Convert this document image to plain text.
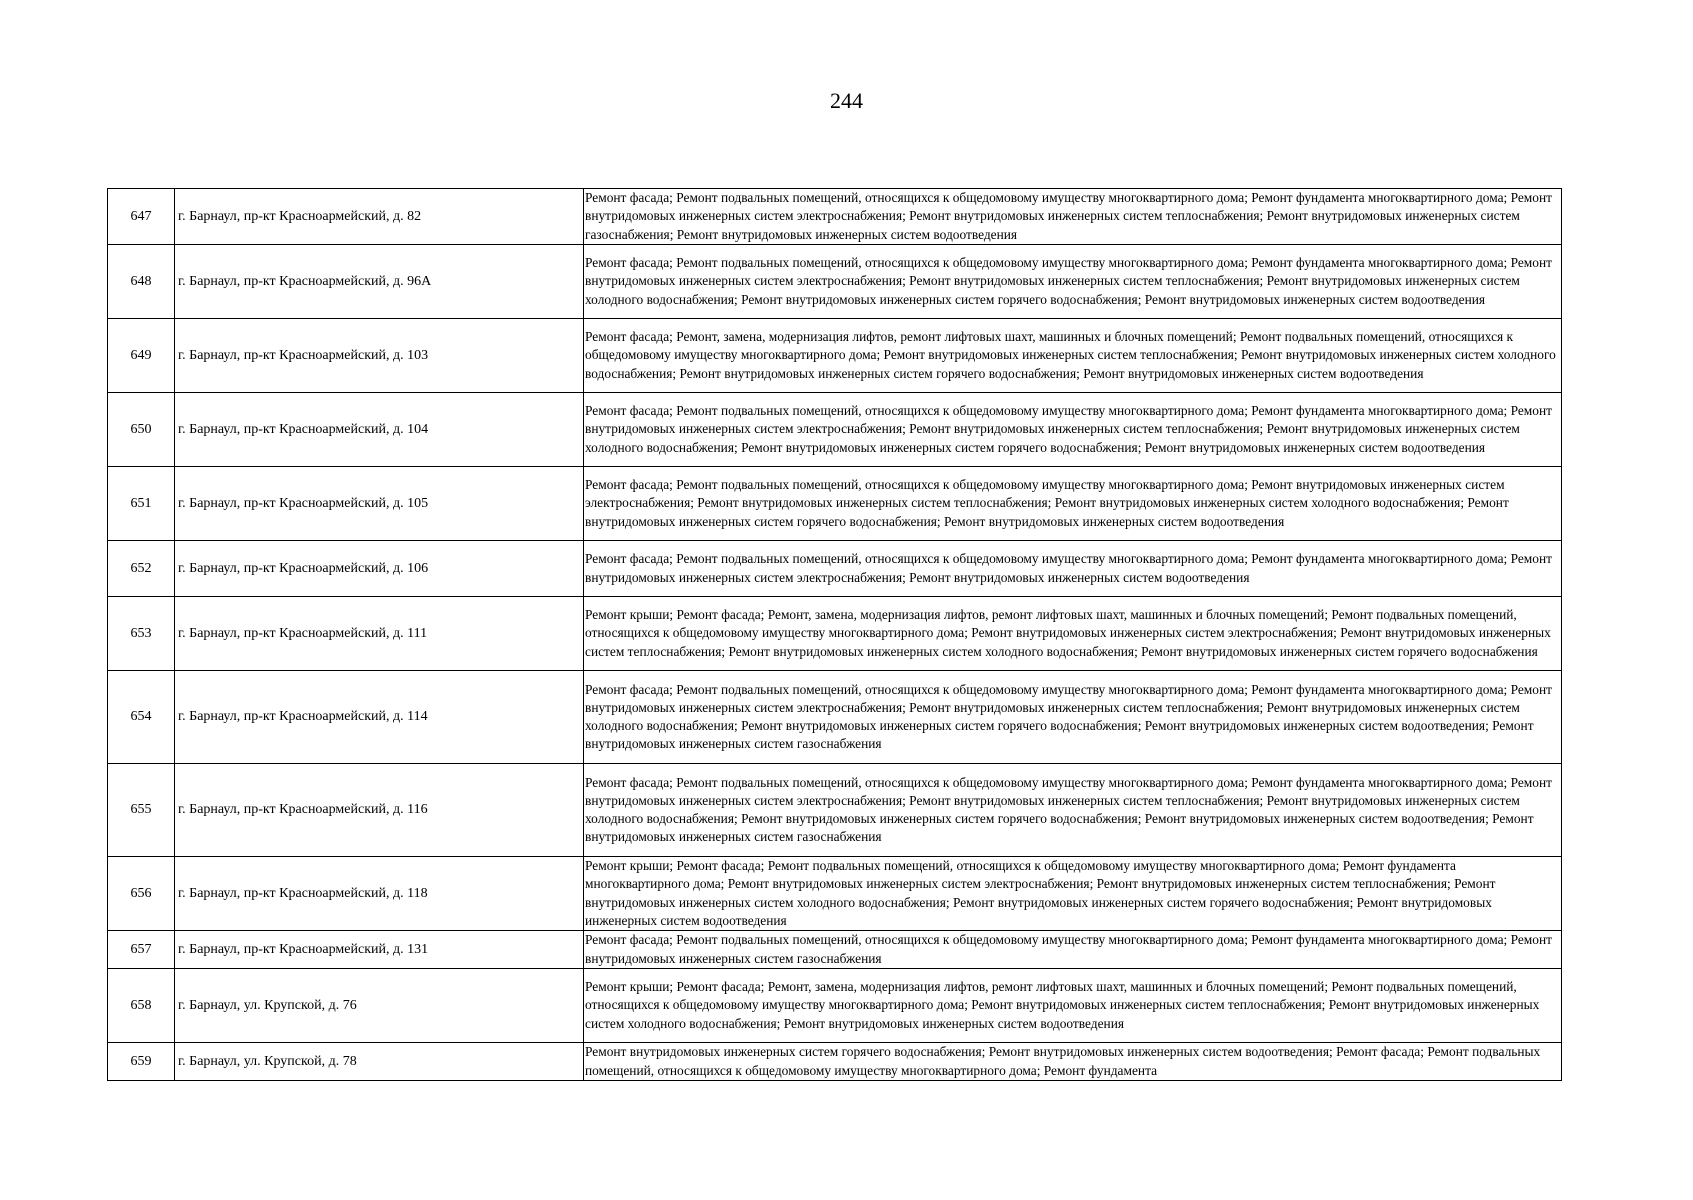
244
647	г. Барнаул, пр-кт Красноармейский, д. 82	Ремонт фасада; Ремонт подвальных помещений, относящихся к общедомовому имуществу многоквартирного дома; Ремонт фундамента многоквартирного дома; Ремонт внутридомовых инженерных систем электроснабжения; Ремонт внутридомовых инженерных систем теплоснабжения; Ремонт внутридомовых инженерных систем газоснабжения; Ремонт внутридомовых инженерных систем водоотведения
648	г. Барнаул, пр-кт Красноармейский, д. 96А	Ремонт фасада; Ремонт подвальных помещений, относящихся к общедомовому имуществу многоквартирного дома; Ремонт фундамента многоквартирного дома; Ремонт внутридомовых инженерных систем электроснабжения; Ремонт внутридомовых инженерных систем теплоснабжения; Ремонт внутридомовых инженерных систем холодного водоснабжения; Ремонт внутридомовых инженерных систем горячего водоснабжения; Ремонт внутридомовых инженерных систем водоотведения
649	г. Барнаул, пр-кт Красноармейский, д. 103	Ремонт фасада; Ремонт, замена, модернизация лифтов, ремонт лифтовых шахт, машинных и блочных помещений; Ремонт подвальных помещений, относящихся к общедомовому имуществу многоквартирного дома; Ремонт внутридомовых инженерных систем теплоснабжения; Ремонт внутридомовых инженерных систем холодного водоснабжения; Ремонт внутридомовых инженерных систем горячего водоснабжения; Ремонт внутридомовых инженерных систем водоотведения
650	г. Барнаул, пр-кт Красноармейский, д. 104	Ремонт фасада; Ремонт подвальных помещений, относящихся к общедомовому имуществу многоквартирного дома; Ремонт фундамента многоквартирного дома; Ремонт внутридомовых инженерных систем электроснабжения; Ремонт внутридомовых инженерных систем теплоснабжения; Ремонт внутридомовых инженерных систем холодного водоснабжения; Ремонт внутридомовых инженерных систем горячего водоснабжения; Ремонт внутридомовых инженерных систем водоотведения
651	г. Барнаул, пр-кт Красноармейский, д. 105	Ремонт фасада; Ремонт подвальных помещений, относящихся к общедомовому имуществу многоквартирного дома; Ремонт внутридомовых инженерных систем электроснабжения; Ремонт внутридомовых инженерных систем теплоснабжения; Ремонт внутридомовых инженерных систем холодного водоснабжения; Ремонт внутридомовых инженерных систем горячего водоснабжения; Ремонт внутридомовых инженерных систем водоотведения
652	г. Барнаул, пр-кт Красноармейский, д. 106	Ремонт фасада; Ремонт подвальных помещений, относящихся к общедомовому имуществу многоквартирного дома; Ремонт фундамента многоквартирного дома; Ремонт внутридомовых инженерных систем электроснабжения; Ремонт внутридомовых инженерных систем водоотведения
653	г. Барнаул, пр-кт Красноармейский, д. 111	Ремонт крыши; Ремонт фасада; Ремонт, замена, модернизация лифтов, ремонт лифтовых шахт, машинных и блочных помещений; Ремонт подвальных помещений, относящихся к общедомовому имуществу многоквартирного дома; Ремонт внутридомовых инженерных систем электроснабжения; Ремонт внутридомовых инженерных систем теплоснабжения; Ремонт внутридомовых инженерных систем холодного водоснабжения; Ремонт внутридомовых инженерных систем горячего водоснабжения
654	г. Барнаул, пр-кт Красноармейский, д. 114	Ремонт фасада; Ремонт подвальных помещений, относящихся к общедомовому имуществу многоквартирного дома; Ремонт фундамента многоквартирного дома; Ремонт внутридомовых инженерных систем электроснабжения; Ремонт внутридомовых инженерных систем теплоснабжения; Ремонт внутридомовых инженерных систем холодного водоснабжения; Ремонт внутридомовых инженерных систем горячего водоснабжения; Ремонт внутридомовых инженерных систем водоотведения; Ремонт внутридомовых инженерных систем газоснабжения
655	г. Барнаул, пр-кт Красноармейский, д. 116	Ремонт фасада; Ремонт подвальных помещений, относящихся к общедомовому имуществу многоквартирного дома; Ремонт фундамента многоквартирного дома; Ремонт внутридомовых инженерных систем электроснабжения; Ремонт внутридомовых инженерных систем теплоснабжения; Ремонт внутридомовых инженерных систем холодного водоснабжения; Ремонт внутридомовых инженерных систем горячего водоснабжения; Ремонт внутридомовых инженерных систем водоотведения; Ремонт внутридомовых инженерных систем газоснабжения
656	г. Барнаул, пр-кт Красноармейский, д. 118	Ремонт крыши; Ремонт фасада; Ремонт подвальных помещений, относящихся к общедомовому имуществу многоквартирного дома; Ремонт фундамента многоквартирного дома; Ремонт внутридомовых инженерных систем электроснабжения; Ремонт внутридомовых инженерных систем теплоснабжения; Ремонт внутридомовых инженерных систем холодного водоснабжения; Ремонт внутридомовых инженерных систем горячего водоснабжения; Ремонт внутридомовых инженерных систем водоотведения
657	г. Барнаул, пр-кт Красноармейский, д. 131	Ремонт фасада; Ремонт подвальных помещений, относящихся к общедомовому имуществу многоквартирного дома; Ремонт фундамента многоквартирного дома; Ремонт внутридомовых инженерных систем газоснабжения
658	г. Барнаул, ул. Крупской, д. 76	Ремонт крыши; Ремонт фасада; Ремонт, замена, модернизация лифтов, ремонт лифтовых шахт, машинных и блочных помещений; Ремонт подвальных помещений, относящихся к общедомовому имуществу многоквартирного дома; Ремонт внутридомовых инженерных систем теплоснабжения; Ремонт внутридомовых инженерных систем холодного водоснабжения; Ремонт внутридомовых инженерных систем водоотведения
659	г. Барнаул, ул. Крупской, д. 78	Ремонт внутридомовых инженерных систем горячего водоснабжения; Ремонт внутридомовых инженерных систем водоотведения; Ремонт фасада; Ремонт подвальных помещений, относящихся к общедомовому имуществу многоквартирного дома; Ремонт фундамента
